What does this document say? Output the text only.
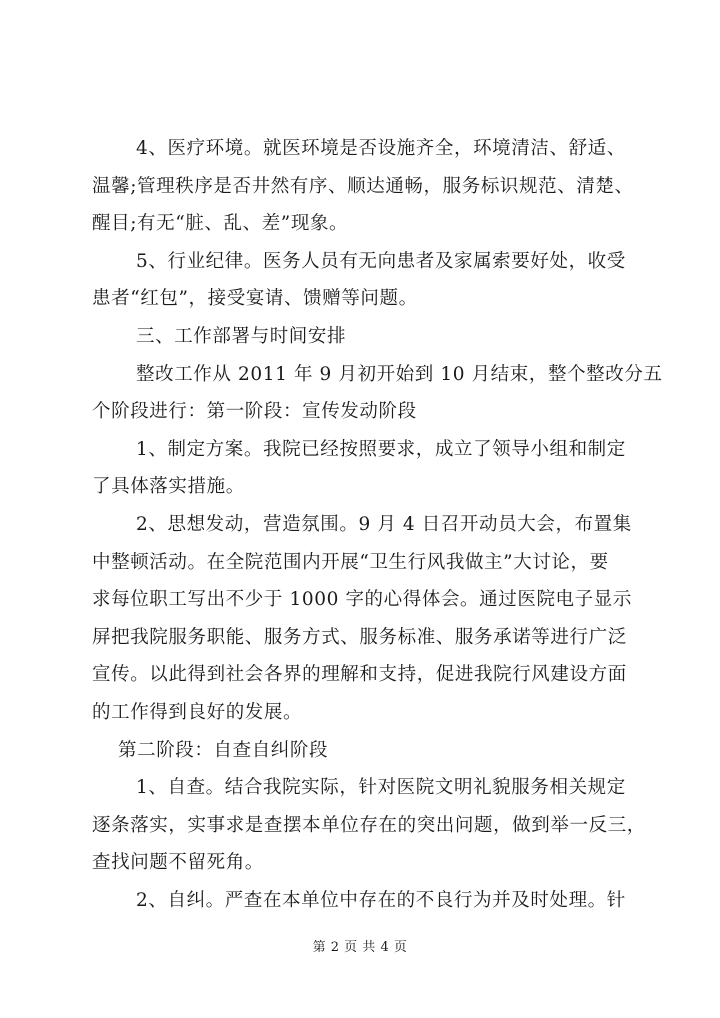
4、医疗环境。就医环境是否设施齐全，环境清洁、舒适、
温馨;管理秩序是否井然有序、顺达通畅，服务标识规范、清楚、
醒目;有无“脏、乱、差”现象。
5、行业纪律。医务人员有无向患者及家属索要好处，收受
患者“红包”，接受宴请、馈赠等问题。
三、工作部署与时间安排
整改工作从 2011 年 9 月初开始到 10 月结束，整个整改分五
个阶段进行：第一阶段：宣传发动阶段
1、制定方案。我院已经按照要求，成立了领导小组和制定
了具体落实措施。
2、思想发动，营造氛围。9 月 4 日召开动员大会，布置集
中整顿活动。在全院范围内开展“卫生行风我做主”大讨论，要
求每位职工写出不少于 1000 字的心得体会。通过医院电子显示
屏把我院服务职能、服务方式、服务标准、服务承诺等进行广泛
宣传。以此得到社会各界的理解和支持，促进我院行风建设方面
的工作得到良好的发展。
第二阶段：自查自纠阶段
1、自查。结合我院实际，针对医院文明礼貌服务相关规定
逐条落实，实事求是查摆本单位存在的突出问题，做到举一反三，
查找问题不留死角。
2、自纠。严查在本单位中存在的不良行为并及时处理。针
第 2 页 共 4 页
